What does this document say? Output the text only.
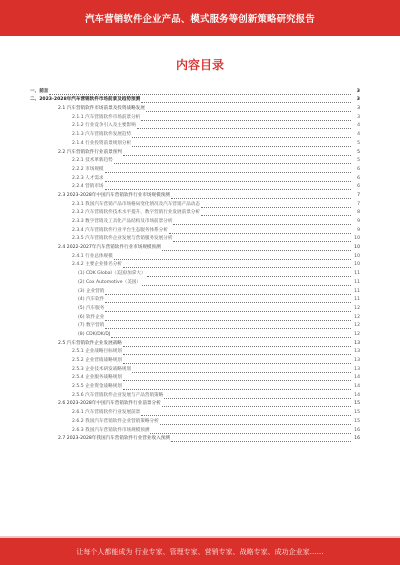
汽车营销软件企业产品、模式服务等创新策略研究报告
内容目录
一、前言	3
二、2023-2028年汽车营销软件市场前景及趋势预测	3
2.1 汽车营销软件市场前景及投资战略发展	3
2.1.1 汽车营销软件市场前景分析	3
2.1.2 行业竞争引入及主要影响	4
2.1.3 汽车营销软件发展趋势	4
2.1.4 行业投资前景规划分析	5
2.2 汽车营销软件行业前景预判	5
2.2.1 技术革新趋势	5
2.2.2 市场规模	6
2.2.3 人才需求	6
2.2.4 营销市场	6
2.3 2023-2028年中国汽车营销软件行业市场规模预测	7
2.3.1 我国汽车营销产品市场格局变化情况及汽车营销产品动态	7
2.3.2 汽车营销软件技术水平提升、数字营销行业发展前景分析	8
2.3.3 数字营销及工具化产品结构及市场前景分析	9
2.3.4 汽车营销软件行业平台生态服务体系分析	9
2.3.5 汽车营销软件企业发展与营销服务发展分析	10
2.4 2022-2027年汽车营销软件行业市场规模预测	10
2.4.1 行业总体规模	10
2.4.2 主要企业排名分析	10
(1) CDK Global（美国/加拿大）	11
(2) Cox Automotive（美国）	11
(3) 企业营销	11
(4) 汽车软件	11
(5) 汽车服务	12
(6) 软件企业	12
(7) 数字营销	12
(8) CDK/DK/DJ	12
2.5 汽车营销软件企业发展战略	13
2.5.1 企业战略目标规划	13
2.5.2 企业营销战略规划	13
2.5.3 企业技术研发战略规划	13
2.5.4 企业服务战略规划	14
2.5.5 企业资金战略规划	14
2.5.6 汽车营销软件企业发展与产品营销策略	14
2.6 2023-2028年中国汽车营销软件行业前景分析	15
2.6.1 汽车营销软件行业发展前景	15
2.6.2 我国汽车营销软件企业营销策略分析	15
2.6.3 我国汽车营销软件市场规模预测	16
2.7 2023-2028年我国汽车营销软件行业营业收入预测	16
让每个人都能成为 行业专家、管理专家、营销专家、战略专家、成功企业家……
